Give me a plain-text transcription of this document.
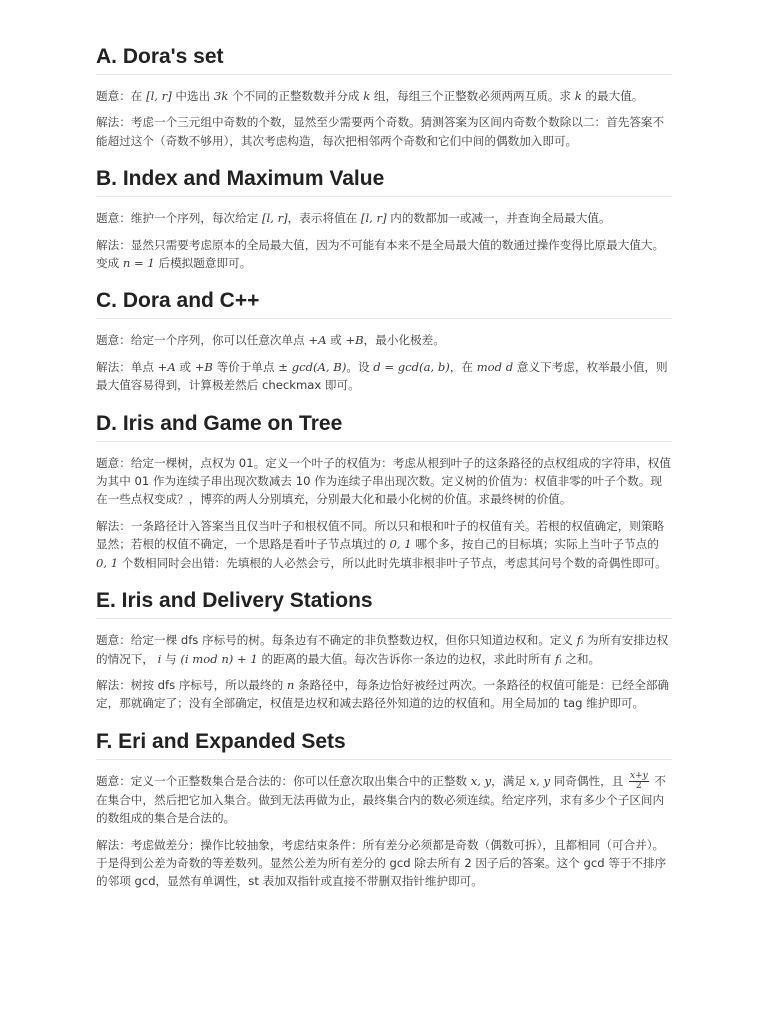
A. Dora's set

题意：在 [l, r] 中选出 3k 个不同的正整数数并分成 k 组，每组三个正整数必须两两互质。求 k 的最大值。

解法：考虑一个三元组中奇数的个数，显然至少需要两个奇数。猜测答案为区间内奇数个数除以二：首先答案不能超过这个（奇数不够用），其次考虑构造，每次把相邻两个奇数和它们中间的偶数加入即可。

B. Index and Maximum Value

题意：维护一个序列，每次给定 [l, r]，表示将值在 [l, r] 内的数都加一或减一，并查询全局最大值。

解法：显然只需要考虑原本的全局最大值，因为不可能有本来不是全局最大值的数通过操作变得比原最大值大。变成 n = 1 后模拟题意即可。

C. Dora and C++

题意：给定一个序列，你可以任意次单点 +A 或 +B，最小化极差。

解法：单点 +A 或 +B 等价于单点 ± gcd(A, B)。设 d = gcd(a, b)，在 mod d 意义下考虑，枚举最小值，则最大值容易得到，计算极差然后 checkmax 即可。

D. Iris and Game on Tree

题意：给定一棵树，点权为 01。定义一个叶子的权值为：考虑从根到叶子的这条路径的点权组成的字符串，权值为其中 01 作为连续子串出现次数减去 10 作为连续子串出现次数。定义树的价值为：权值非零的叶子个数。现在一些点权变成？，博弈的两人分别填充，分别最大化和最小化树的价值。求最终树的价值。

解法：一条路径计入答案当且仅当叶子和根权值不同。所以只和根和叶子的权值有关。若根的权值确定，则策略显然；若根的权值不确定，一个思路是看叶子节点填过的 0, 1 哪个多，按自己的目标填；实际上当叶子节点的 0, 1 个数相同时会出错：先填根的人必然会亏，所以此时先填非根非叶子节点，考虑其问号个数的奇偶性即可。

E. Iris and Delivery Stations

题意：给定一棵 dfs 序标号的树。每条边有不确定的非负整数边权，但你只知道边权和。定义 fᵢ 为所有安排边权的情况下， i 与 (i mod n) + 1 的距离的最大值。每次告诉你一条边的边权，求此时所有 fᵢ 之和。

解法：树按 dfs 序标号，所以最终的 n 条路径中，每条边恰好被经过两次。一条路径的权值可能是：已经全部确定，那就确定了；没有全部确定，权值是边权和减去路径外知道的边的权值和。用全局加的 tag 维护即可。

F. Eri and Expanded Sets

题意：定义一个正整数集合是合法的：你可以任意次取出集合中的正整数 x, y，满足 x, y 同奇偶性，且 $\frac{x+y}{2}$ 不在集合中，然后把它加入集合。做到无法再做为止，最终集合内的数必须连续。给定序列，求有多少个子区间内的数组成的集合是合法的。

解法：考虑做差分：操作比较抽象，考虑结束条件：所有差分必须都是奇数（偶数可拆），且都相同（可合并）。于是得到公差为奇数的等差数列。显然公差为所有差分的 gcd 除去所有 2 因子后的答案。这个 gcd 等于不排序的邻项 gcd，显然有单调性，st 表加双指针或直接不带删双指针维护即可。
